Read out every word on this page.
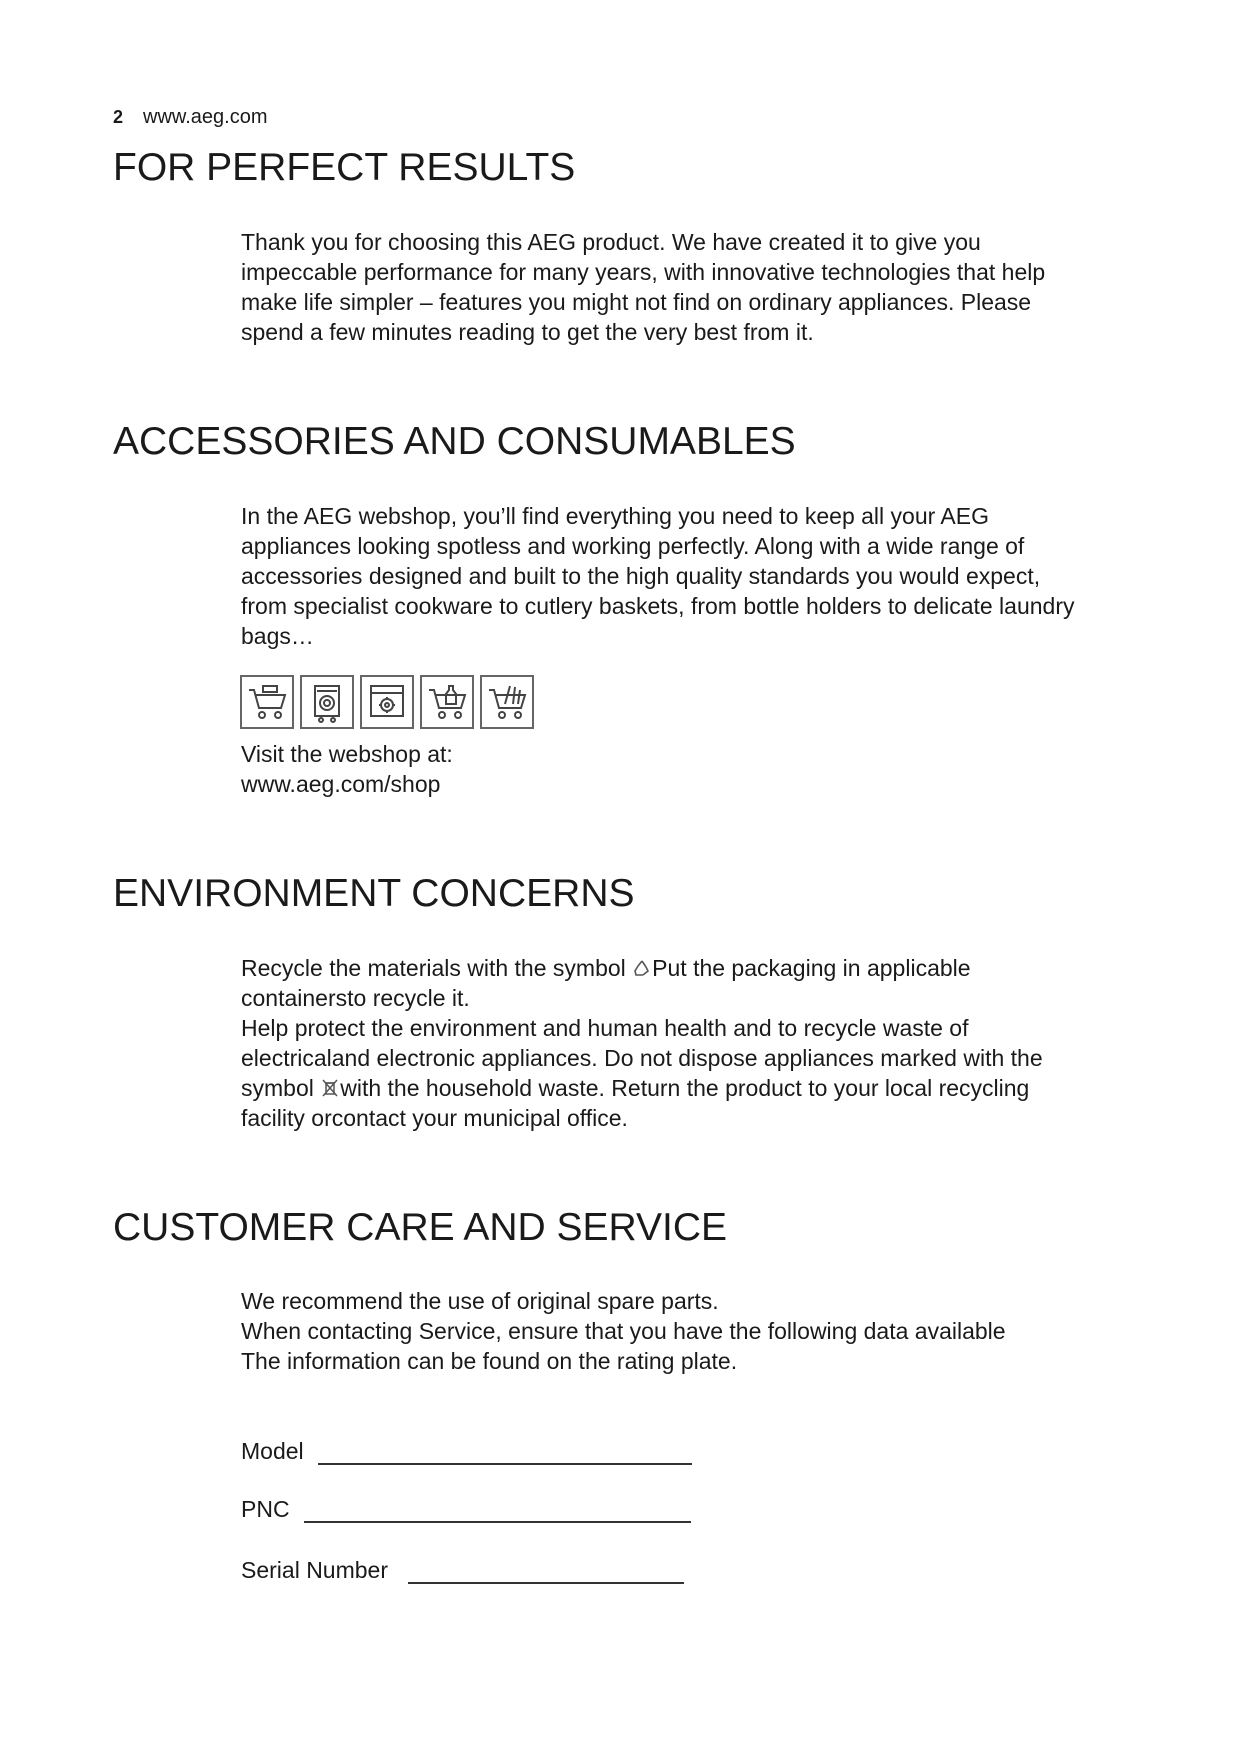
2 www.aeg.com
FOR PERFECT RESULTS
Thank you for choosing this AEG product. We have created it to give you
impeccable performance for many years, with innovative technologies that help
make life simpler – features you might not find on ordinary appliances. Please
spend a few minutes reading to get the very best from it.
ACCESSORIES AND CONSUMABLES
In the AEG webshop, you’ll find everything you need to keep all your AEG
appliances looking spotless and working perfectly. Along with a wide range of
accessories designed and built to the high quality standards you would expect,
from specialist cookware to cutlery baskets, from bottle holders to delicate laundry
bags…
Visit the webshop at:
www.aeg.com/shop
ENVIRONMENT CONCERNS
Recycle the materials with the symbol Put the packaging in applicable
containersto recycle it.
Help protect the environment and human health and to recycle waste of
electricaland electronic appliances. Do not dispose appliances marked with the
symbol with the household waste. Return the product to your local recycling
facility orcontact your municipal office.
CUSTOMER CARE AND SERVICE
We recommend the use of original spare parts.
When contacting Service, ensure that you have the following data available
The information can be found on the rating plate.
Model
PNC
Serial Number
